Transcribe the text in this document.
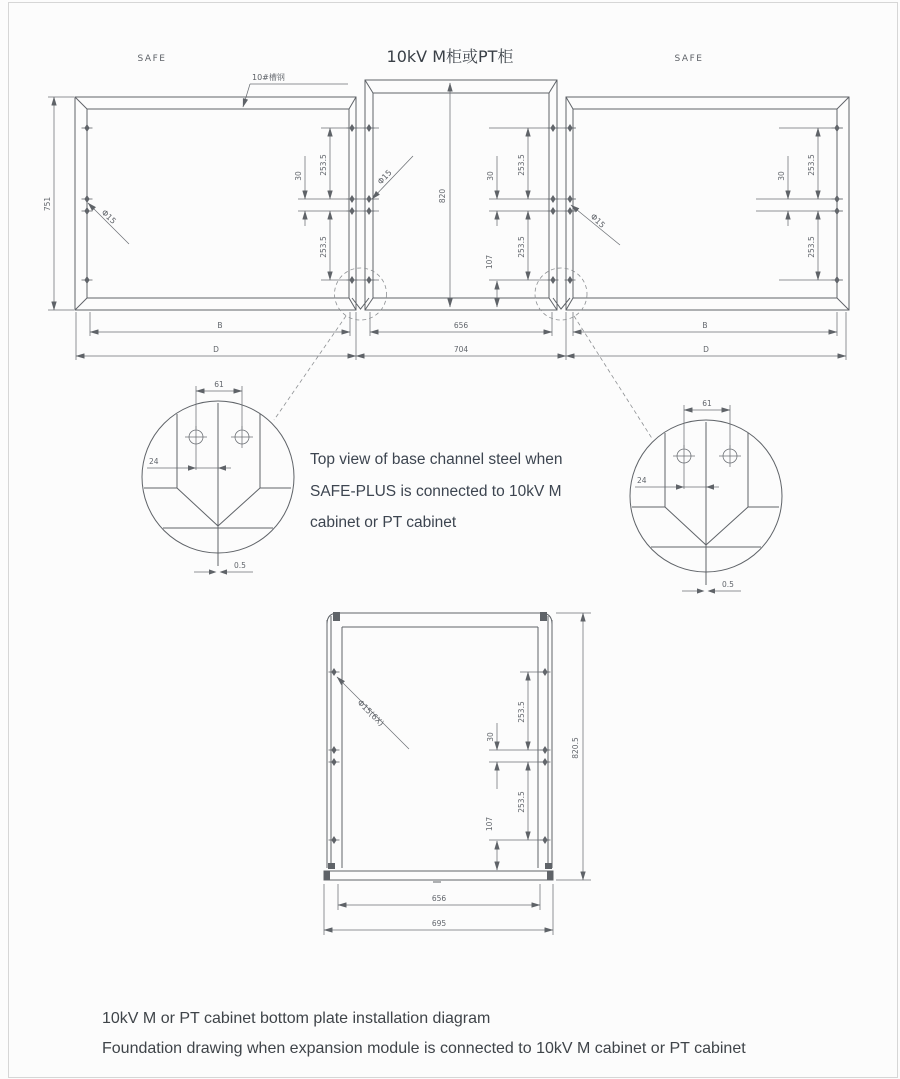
10kV M柜或PT柜
SAFE	SAFE
10#槽钢
Φ15
Φ15
Φ15
751
820
253.5
30
253.5
253.5
30
253.5
107
253.5
30
253.5
B	656	B
D	704	D
61
24
0.5
61
24
0.5
Φ15(6X)	253.5
30
253.5
107
820.5
656
695
Top view of base channel steel when SAFE-PLUS is connected to 10kV M cabinet or PT cabinet
10kV M or PT cabinet bottom plate installation diagram
Foundation drawing when expansion module is connected to 10kV M cabinet or PT cabinet
